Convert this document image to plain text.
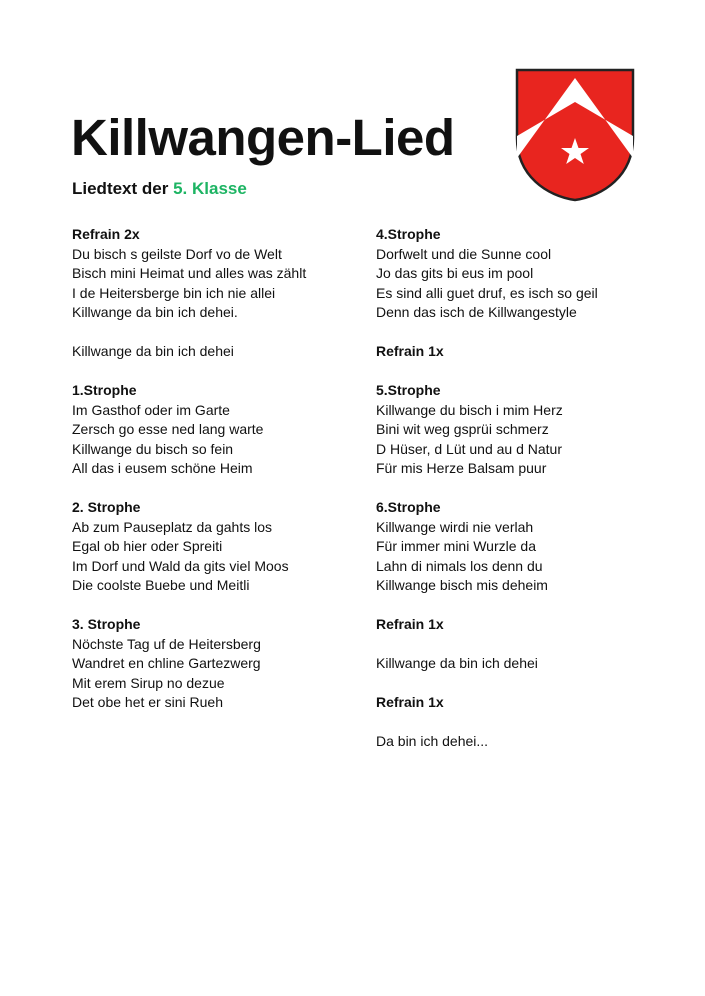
Killwangen-Lied
Liedtext der 5. Klasse
Refrain 2x
Du bisch s geilste Dorf vo de Welt
Bisch mini Heimat und alles was zählt
I de Heitersberge bin ich nie allei
Killwange da bin ich dehei.
Killwange da bin ich dehei
1.Strophe
Im Gasthof oder im Garte
Zersch go esse ned lang warte
Killwange du bisch so fein
All das i eusem schöne Heim
2. Strophe
Ab zum Pauseplatz da gahts los
Egal ob hier oder Spreiti
Im Dorf und Wald da gits viel Moos
Die coolste Buebe und Meitli
3. Strophe
Nöchste Tag uf de Heitersberg
Wandret en chline Gartezwerg
Mit erem Sirup no dezue
Det obe het er sini Rueh
4.Strophe
Dorfwelt und die Sunne cool
Jo das gits bi eus im pool
Es sind alli guet druf, es isch so geil
Denn das isch de Killwangestyle
Refrain 1x
5.Strophe
Killwange du bisch i mim Herz
Bini wit weg gsprüi schmerz
D Hüser, d Lüt und au d Natur
Für mis Herze Balsam puur
6.Strophe
Killwange wirdi nie verlah
Für immer mini Wurzle da
Lahn di nimals los denn du
Killwange bisch mis deheim
Refrain 1x
Killwange da bin ich dehei
Refrain 1x
Da bin ich dehei...
